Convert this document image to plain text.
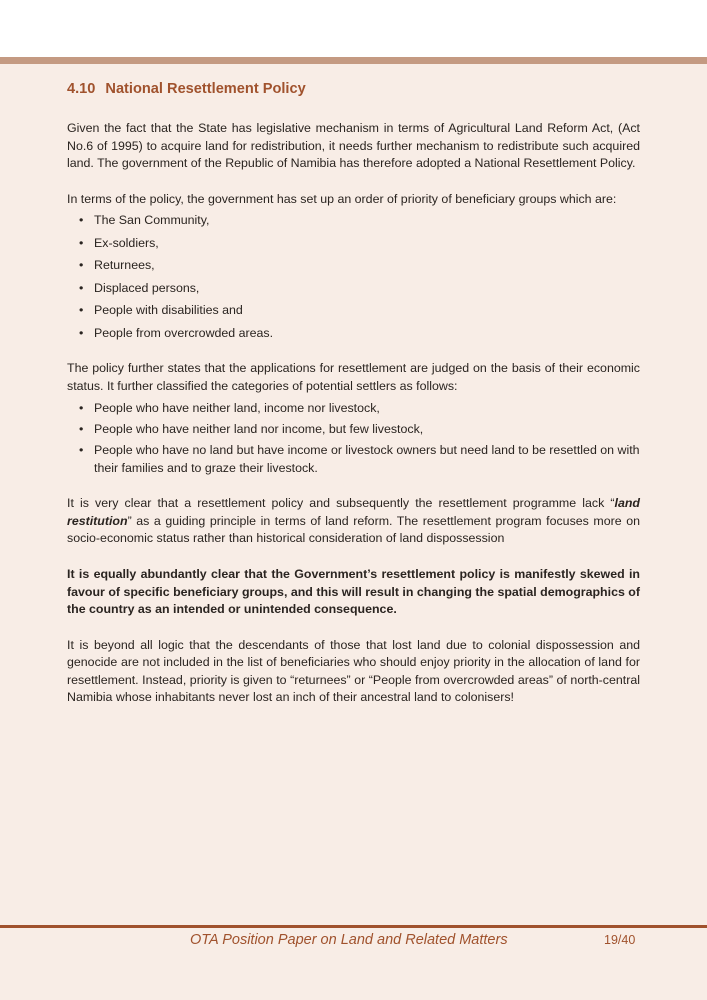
4.10 National Resettlement Policy

Given the fact that the State has legislative mechanism in terms of Agricultural Land Reform Act, (Act No.6 of 1995) to acquire land for redistribution, it needs further mechanism to redistribute such acquired land. The government of the Republic of Namibia has therefore adopted a National Resettlement Policy.

In terms of the policy, the government has set up an order of priority of beneficiary groups which are:

• The San Community,
• Ex-soldiers,
• Returnees,
• Displaced persons,
• People with disabilities and
• People from overcrowded areas.

The policy further states that the applications for resettlement are judged on the basis of their economic status. It further classified the categories of potential settlers as follows:

• People who have neither land, income nor livestock,
• People who have neither land nor income, but few livestock,
• People who have no land but have income or livestock owners but need land to be resettled on with their families and to graze their livestock.

It is very clear that a resettlement policy and subsequently the resettlement programme lack “land restitution” as a guiding principle in terms of land reform. The resettlement program focuses more on socio-economic status rather than historical consideration of land dispossession

It is equally abundantly clear that the Government’s resettlement policy is manifestly skewed in favour of specific beneficiary groups, and this will result in changing the spatial demographics of the country as an intended or unintended consequence.

It is beyond all logic that the descendants of those that lost land due to colonial dispossession and genocide are not included in the list of beneficiaries who should enjoy priority in the allocation of land for resettlement. Instead, priority is given to “returnees” or “People from overcrowded areas” of north-central Namibia whose inhabitants never lost an inch of their ancestral land to colonisers!

OTA Position Paper on Land and Related Matters	19/40
